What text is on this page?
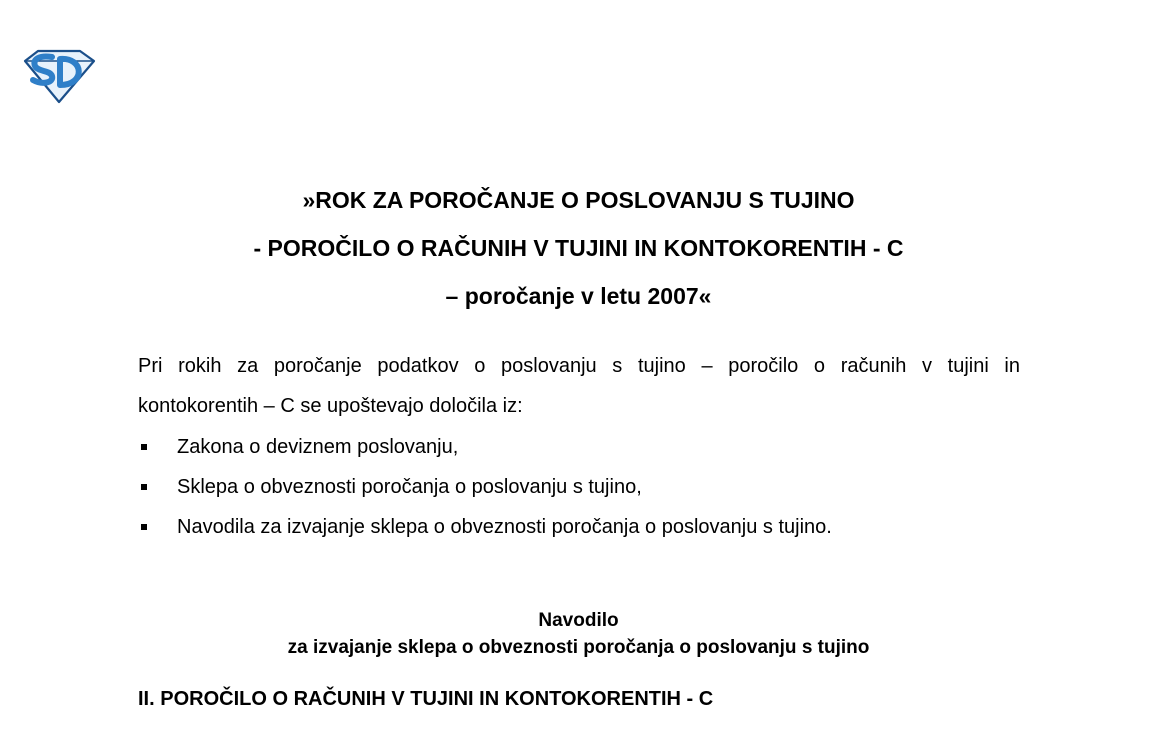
»ROK ZA POROČANJE O POSLOVANJU S TUJINO
- POROČILO O RAČUNIH V TUJINI IN KONTOKORENTIH - C
– poročanje v letu 2007«
Pri rokih za poročanje podatkov o poslovanju s tujino – poročilo o računih v tujini in
kontokorentih – C se upoštevajo določila iz:
Zakona o deviznem poslovanju,
Sklepa o obveznosti poročanja o poslovanju s tujino,
Navodila za izvajanje sklepa o obveznosti poročanja o poslovanju s tujino.
Navodilo
za izvajanje sklepa o obveznosti poročanja o poslovanju s tujino
II. POROČILO O RAČUNIH V TUJINI IN KONTOKORENTIH - C
